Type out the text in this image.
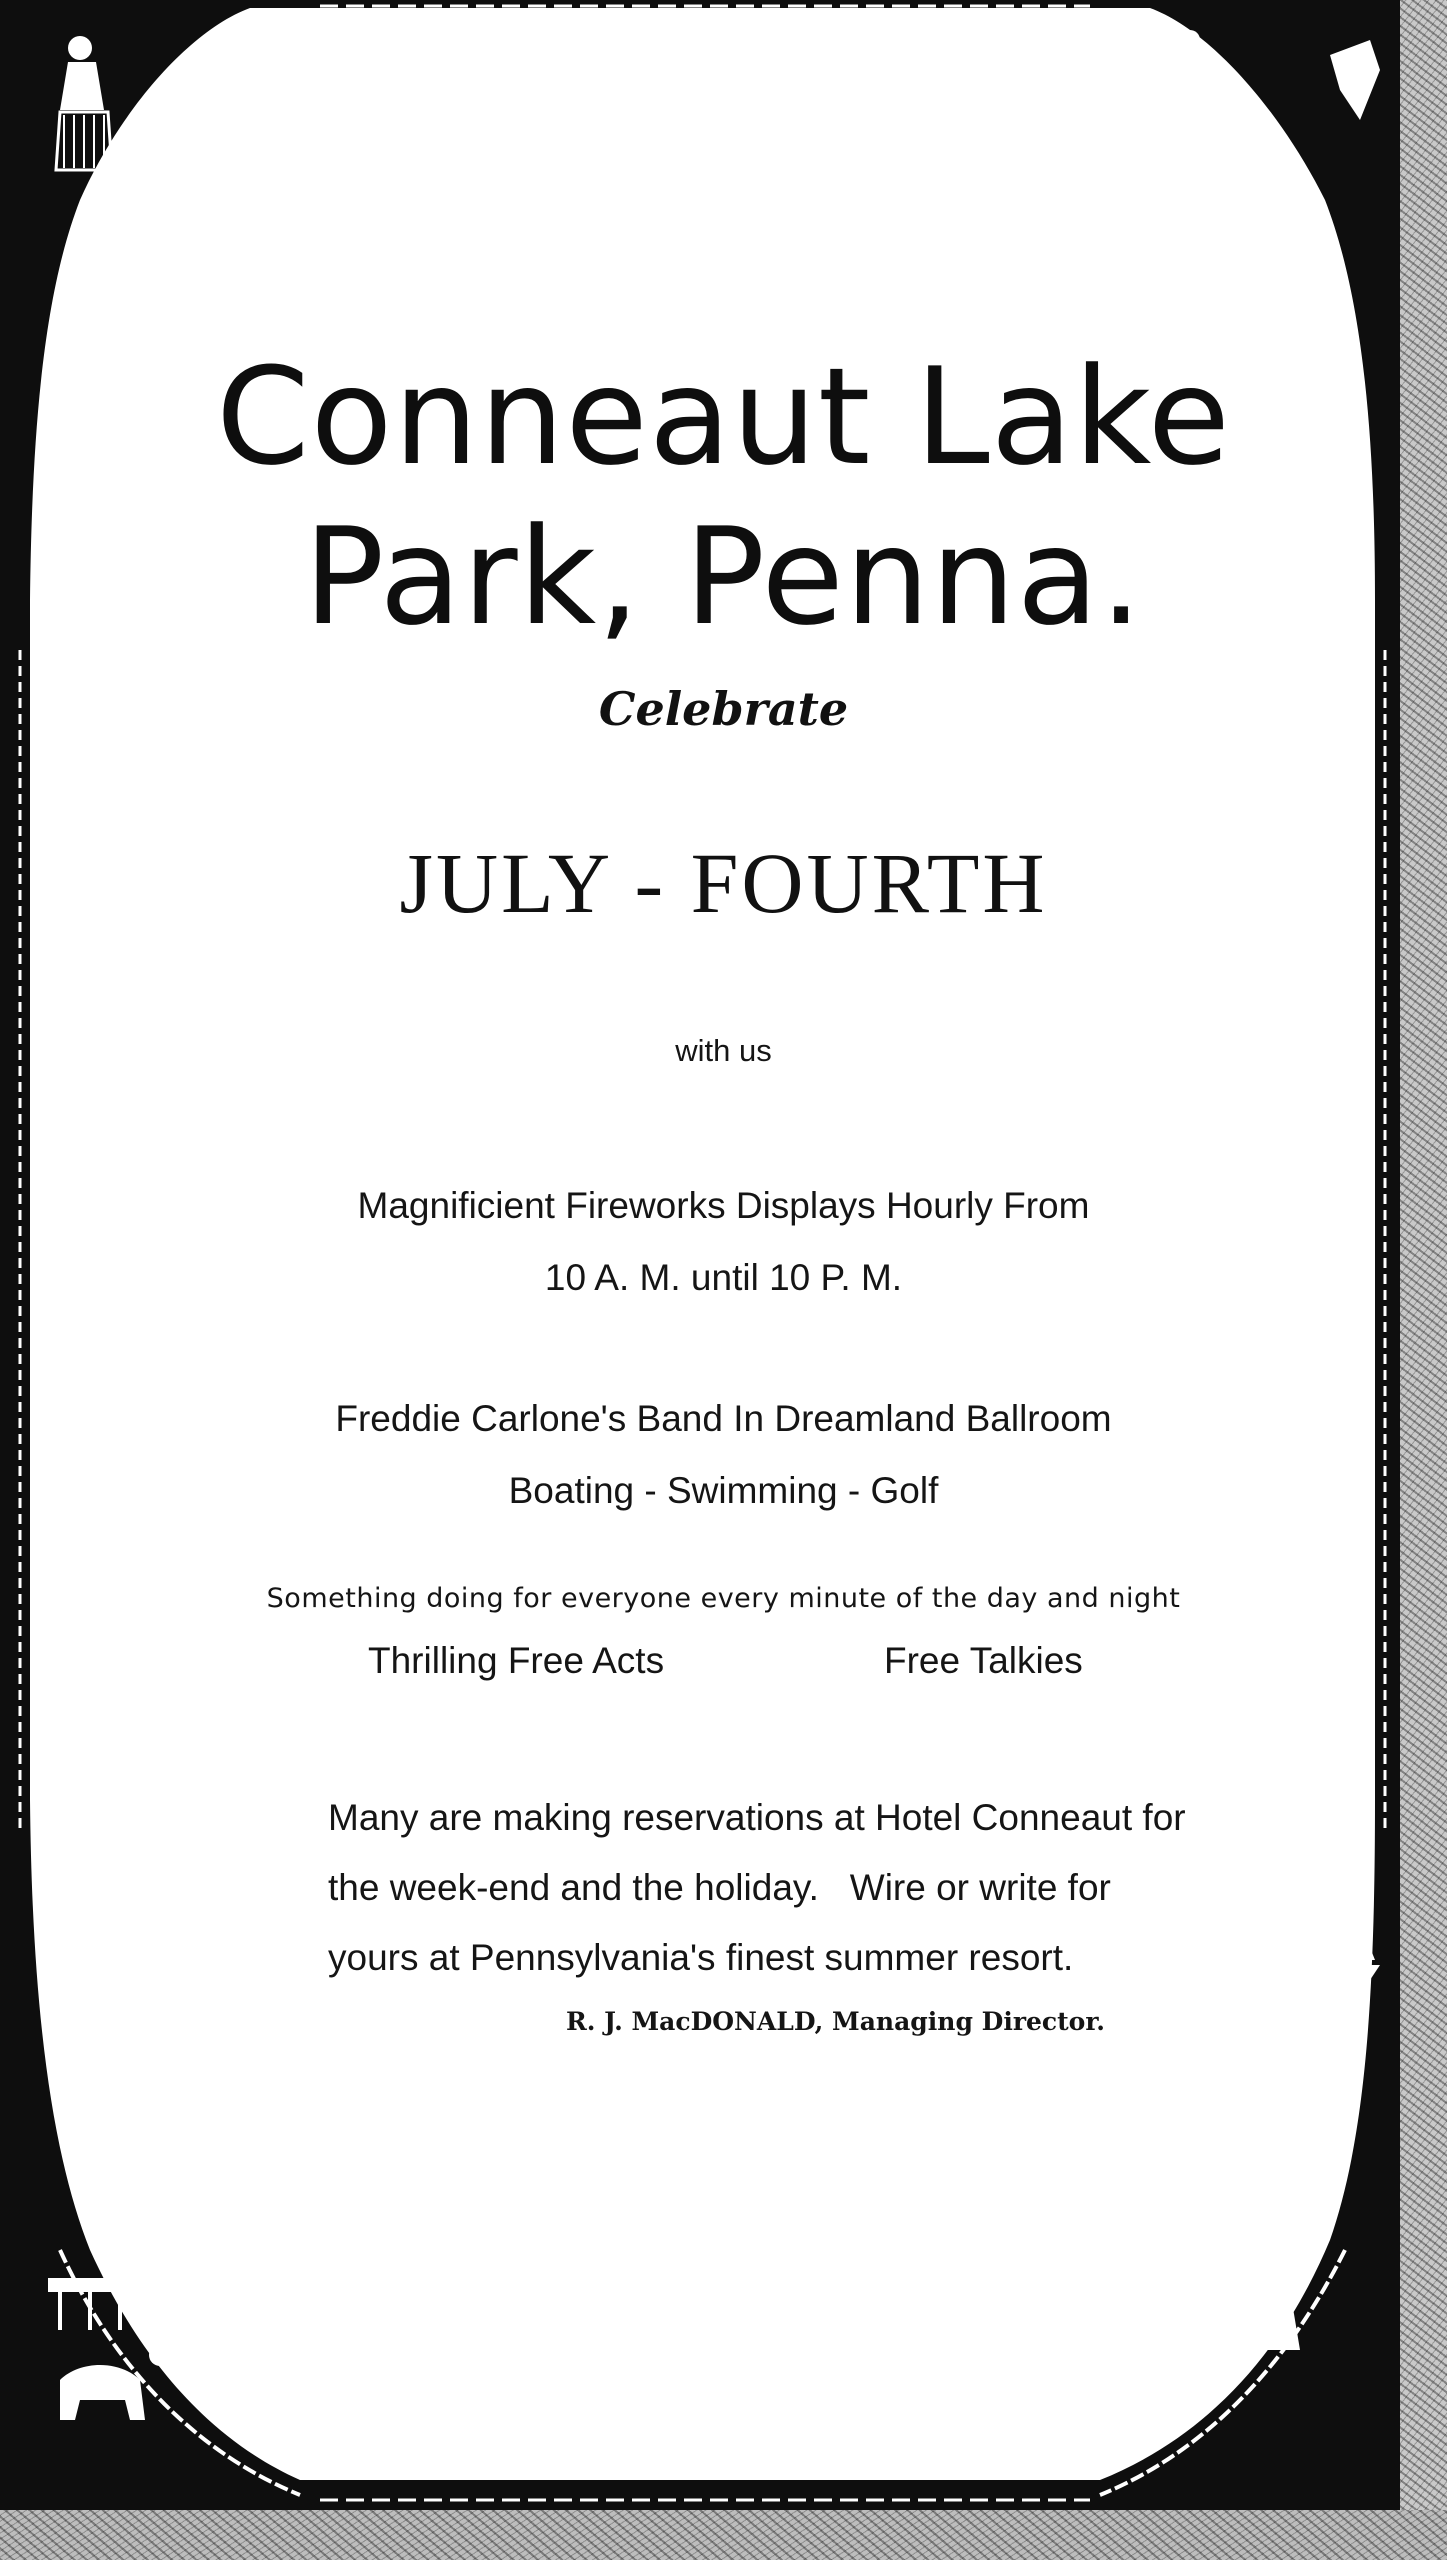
Conneaut Lake
Park, Penna.
Celebrate
JULY - FOURTH
with us
Magnificient Fireworks Displays Hourly From
10 A. M. until 10 P. M.
Freddie Carlone's Band In Dreamland Ballroom
Boating - Swimming - Golf
Something doing for everyone every minute of the day and night
Thrilling Free Acts	Free Talkies
Many are making reservations at Hotel Conneaut for
the week-end and the holiday.   Wire or write for
yours at Pennsylvania's finest summer resort.
R. J. MacDONALD, Managing Director.
